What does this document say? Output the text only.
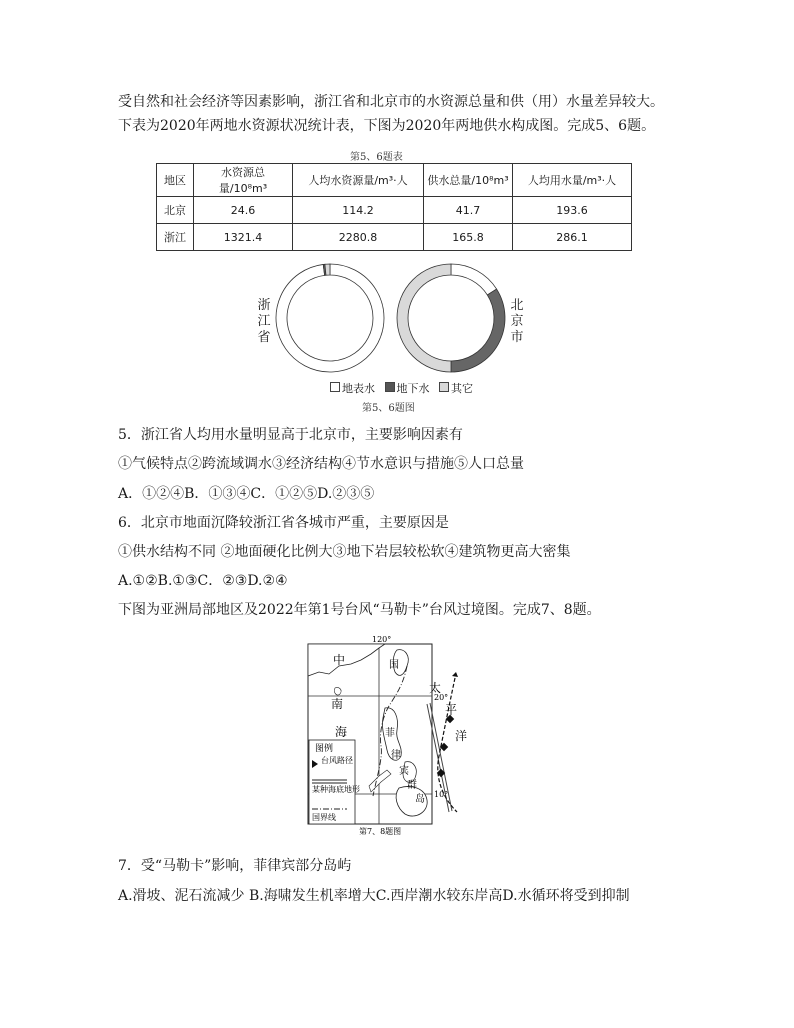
受自然和社会经济等因素影响，浙江省和北京市的水资源总量和供（用）水量差异较大。
下表为2020年两地水资源状况统计表，下图为2020年两地供水构成图。完成5、6题。
第5、6题表
地区	水资源总量/10⁸m³	人均水资源量/m³·人	供水总量/10⁸m³	人均用水量/m³·人
北京	24.6	114.2	41.7	193.6
浙江	1321.4	2280.8	165.8	286.1
浙
江
省
北
京
市
地表水 地下水 其它
第5、6题图
5．浙江省人均用水量明显高于北京市，主要影响因素有
①气候特点②跨流域调水③经济结构④节水意识与措施⑤人口总量
A．①②④B．①③④C．①②⑤D.②③⑤
6．北京市地面沉降较浙江省各城市严重，主要原因是
①供水结构不同 ②地面硬化比例大③地下岩层较松软④建筑物更高大密集
A.①②B.①③C．②③D.②④
下图为亚洲局部地区及2022年第1号台风“马勒卡”台风过境图。完成7、8题。
120°
20°
10°
中	国
南
海
太
平
洋
菲
律
宾
群
岛
图例
台风路径
某种海底地形
国界线
第7、8题图
7．受“马勒卡”影响，菲律宾部分岛屿
A.滑坡、泥石流减少 B.海啸发生机率增大C.西岸潮水较东岸高D.水循环将受到抑制
